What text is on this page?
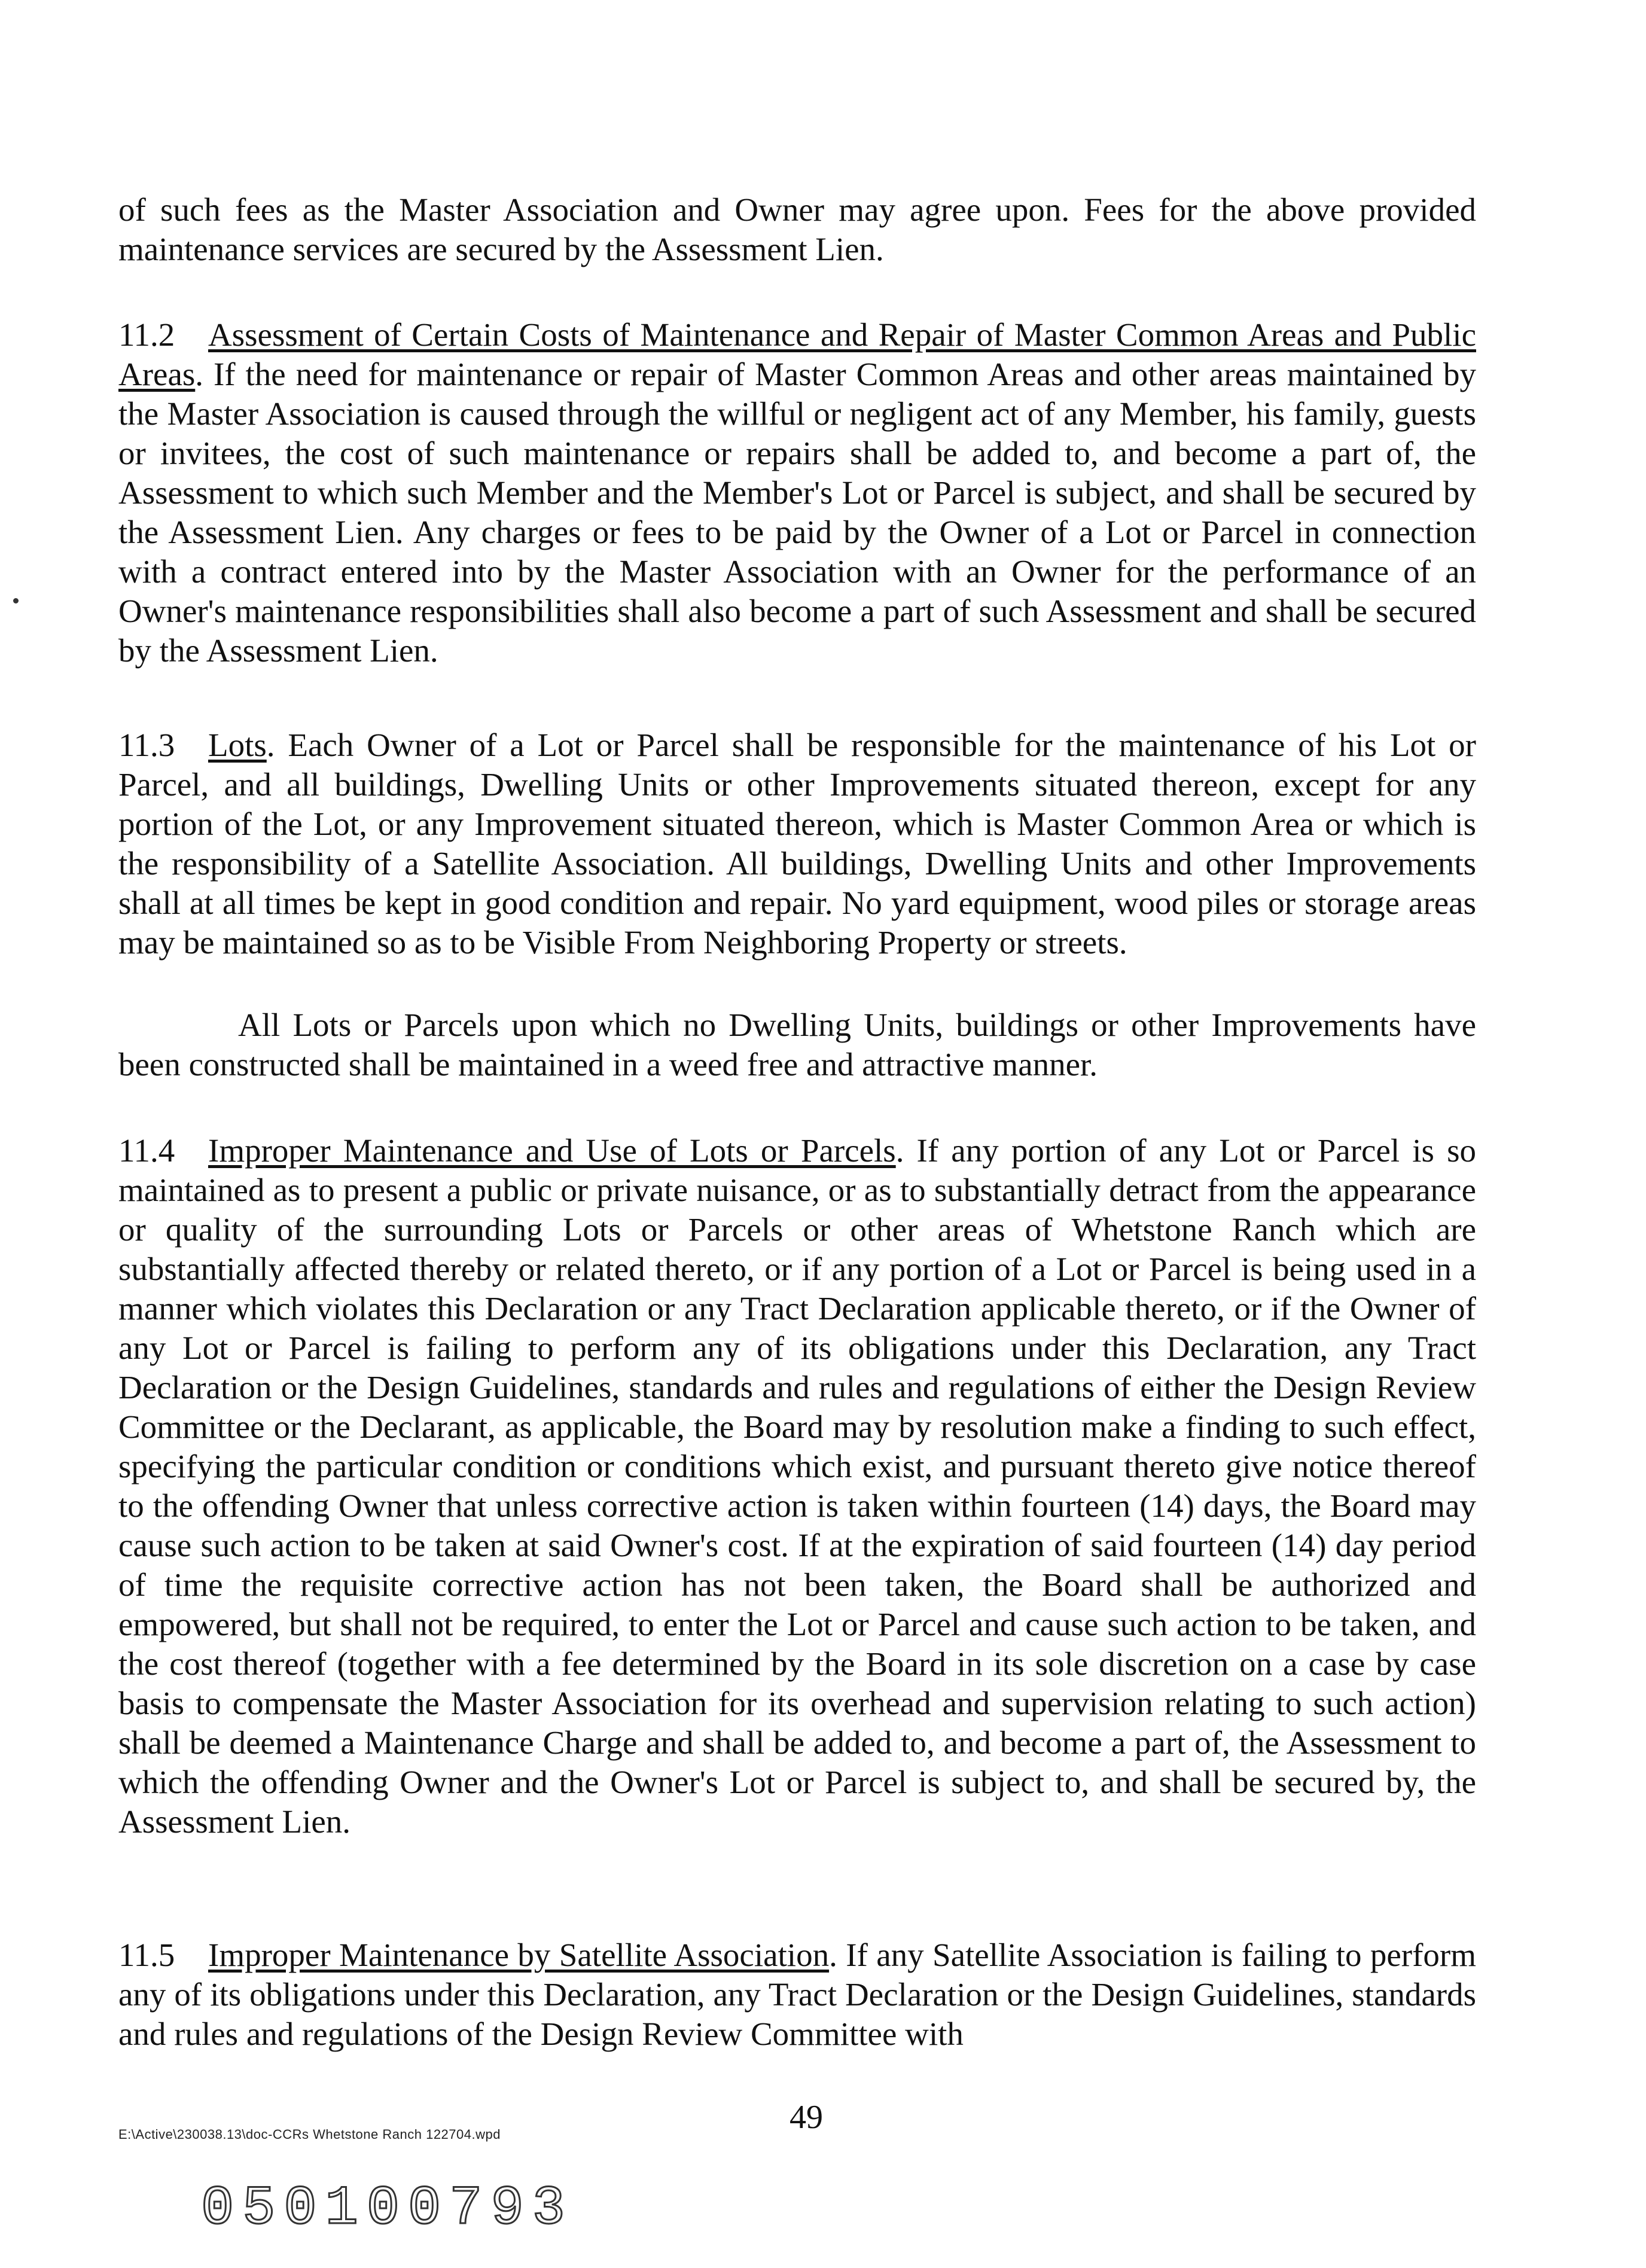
of such fees as the Master Association and Owner may agree upon. Fees for the above provided maintenance services are secured by the Assessment Lien.

11.2 Assessment of Certain Costs of Maintenance and Repair of Master Common Areas and Public Areas. If the need for maintenance or repair of Master Common Areas and other areas maintained by the Master Association is caused through the willful or negligent act of any Member, his family, guests or invitees, the cost of such maintenance or repairs shall be added to, and become a part of, the Assessment to which such Member and the Member's Lot or Parcel is subject, and shall be secured by the Assessment Lien. Any charges or fees to be paid by the Owner of a Lot or Parcel in connection with a contract entered into by the Master Association with an Owner for the performance of an Owner's maintenance responsibilities shall also become a part of such Assessment and shall be secured by the Assessment Lien.

11.3 Lots. Each Owner of a Lot or Parcel shall be responsible for the maintenance of his Lot or Parcel, and all buildings, Dwelling Units or other Improvements situated thereon, except for any portion of the Lot, or any Improvement situated thereon, which is Master Common Area or which is the responsibility of a Satellite Association. All buildings, Dwelling Units and other Improvements shall at all times be kept in good condition and repair. No yard equipment, wood piles or storage areas may be maintained so as to be Visible From Neighboring Property or streets.

All Lots or Parcels upon which no Dwelling Units, buildings or other Improvements have been constructed shall be maintained in a weed free and attractive manner.

11.4 Improper Maintenance and Use of Lots or Parcels. If any portion of any Lot or Parcel is so maintained as to present a public or private nuisance, or as to substantially detract from the appearance or quality of the surrounding Lots or Parcels or other areas of Whetstone Ranch which are substantially affected thereby or related thereto, or if any portion of a Lot or Parcel is being used in a manner which violates this Declaration or any Tract Declaration applicable thereto, or if the Owner of any Lot or Parcel is failing to perform any of its obligations under this Declaration, any Tract Declaration or the Design Guidelines, standards and rules and regulations of either the Design Review Committee or the Declarant, as applicable, the Board may by resolution make a finding to such effect, specifying the particular condition or conditions which exist, and pursuant thereto give notice thereof to the offending Owner that unless corrective action is taken within fourteen (14) days, the Board may cause such action to be taken at said Owner's cost. If at the expiration of said fourteen (14) day period of time the requisite corrective action has not been taken, the Board shall be authorized and empowered, but shall not be required, to enter the Lot or Parcel and cause such action to be taken, and the cost thereof (together with a fee determined by the Board in its sole discretion on a case by case basis to compensate the Master Association for its overhead and supervision relating to such action) shall be deemed a Maintenance Charge and shall be added to, and become a part of, the Assessment to which the offending Owner and the Owner's Lot or Parcel is subject to, and shall be secured by, the Assessment Lien.

11.5 Improper Maintenance by Satellite Association. If any Satellite Association is failing to perform any of its obligations under this Declaration, any Tract Declaration or the Design Guidelines, standards and rules and regulations of the Design Review Committee with

E:\Active\230038.13\doc-CCRs Whetstone Ranch 122704.wpd	49
050100793
